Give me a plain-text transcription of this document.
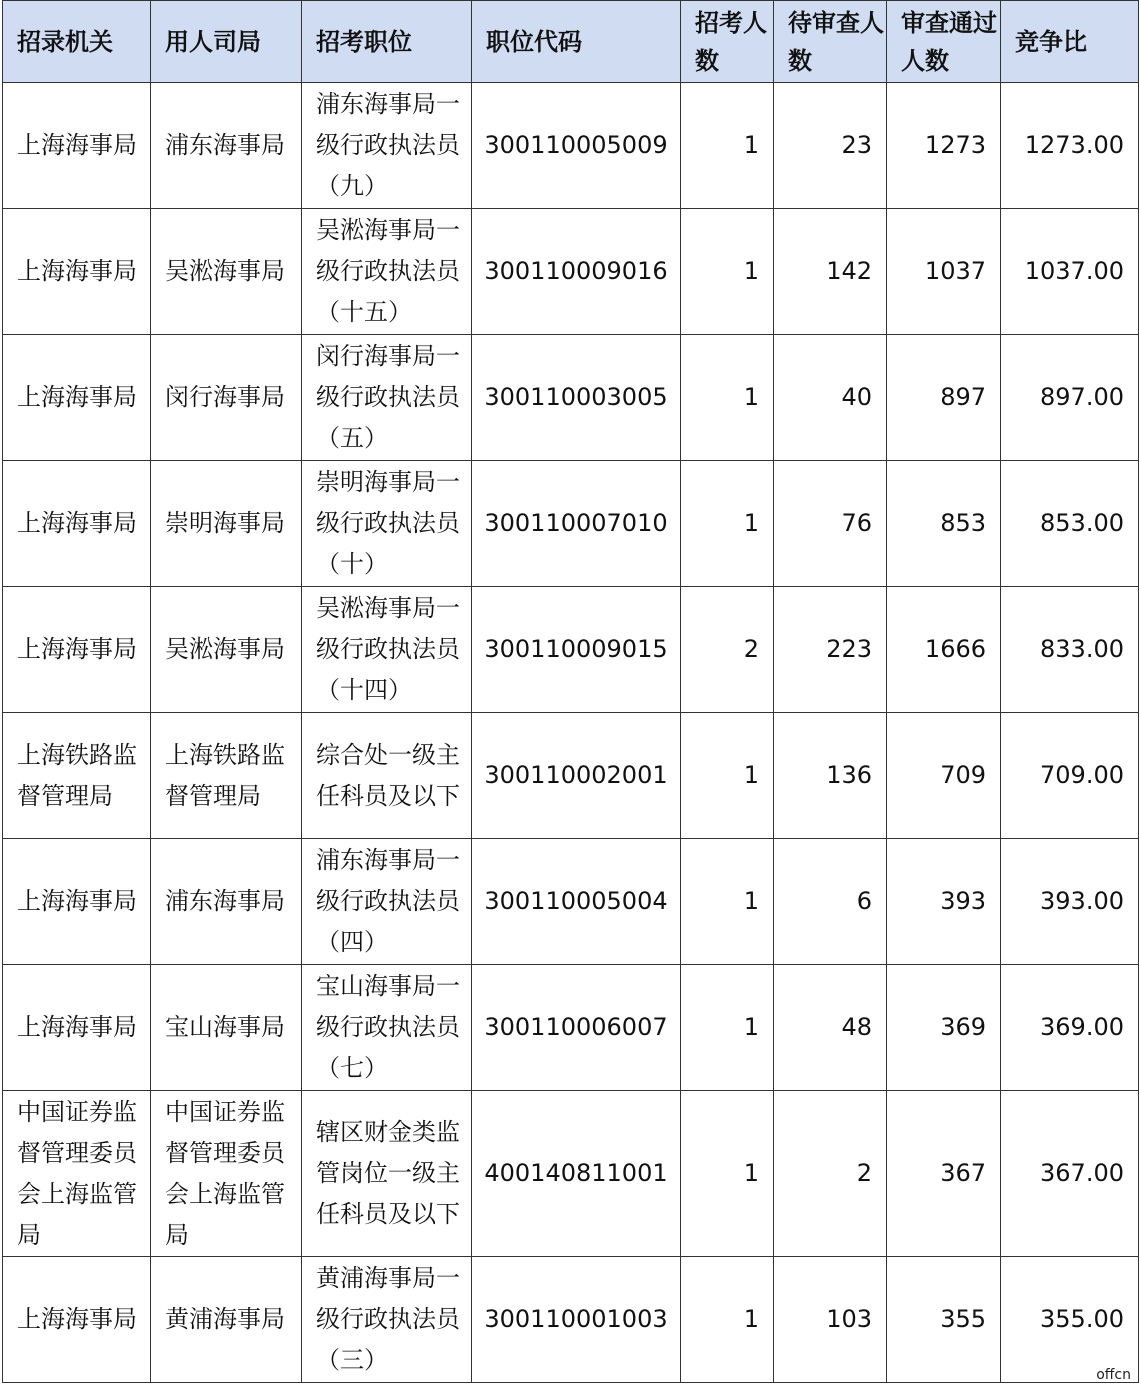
招录机关	用人司局	招考职位	职位代码	招考人数	待审查人数	审查通过人数	竞争比

上海海事局	浦东海事局	浦东海事局一级行政执法员（九）	300110005009	1	23	1273	1273.00

上海海事局	吴淞海事局	吴淞海事局一级行政执法员（十五）	300110009016	1	142	1037	1037.00

上海海事局	闵行海事局	闵行海事局一级行政执法员（五）	300110003005	1	40	897	897.00

上海海事局	崇明海事局	崇明海事局一级行政执法员（十）	300110007010	1	76	853	853.00

上海海事局	吴淞海事局	吴淞海事局一级行政执法员（十四）	300110009015	2	223	1666	833.00

上海铁路监督管理局	上海铁路监督管理局	综合处一级主任科员及以下	300110002001	1	136	709	709.00

上海海事局	浦东海事局	浦东海事局一级行政执法员（四）	300110005004	1	6	393	393.00

上海海事局	宝山海事局	宝山海事局一级行政执法员（七）	300110006007	1	48	369	369.00

中国证券监督管理委员会上海监管局	中国证券监督管理委员会上海监管局	辖区财金类监管岗位一级主任科员及以下	400140811001	1	2	367	367.00

上海海事局	黄浦海事局	黄浦海事局一级行政执法员（三）	300110001003	1	103	355	355.00
offcn
